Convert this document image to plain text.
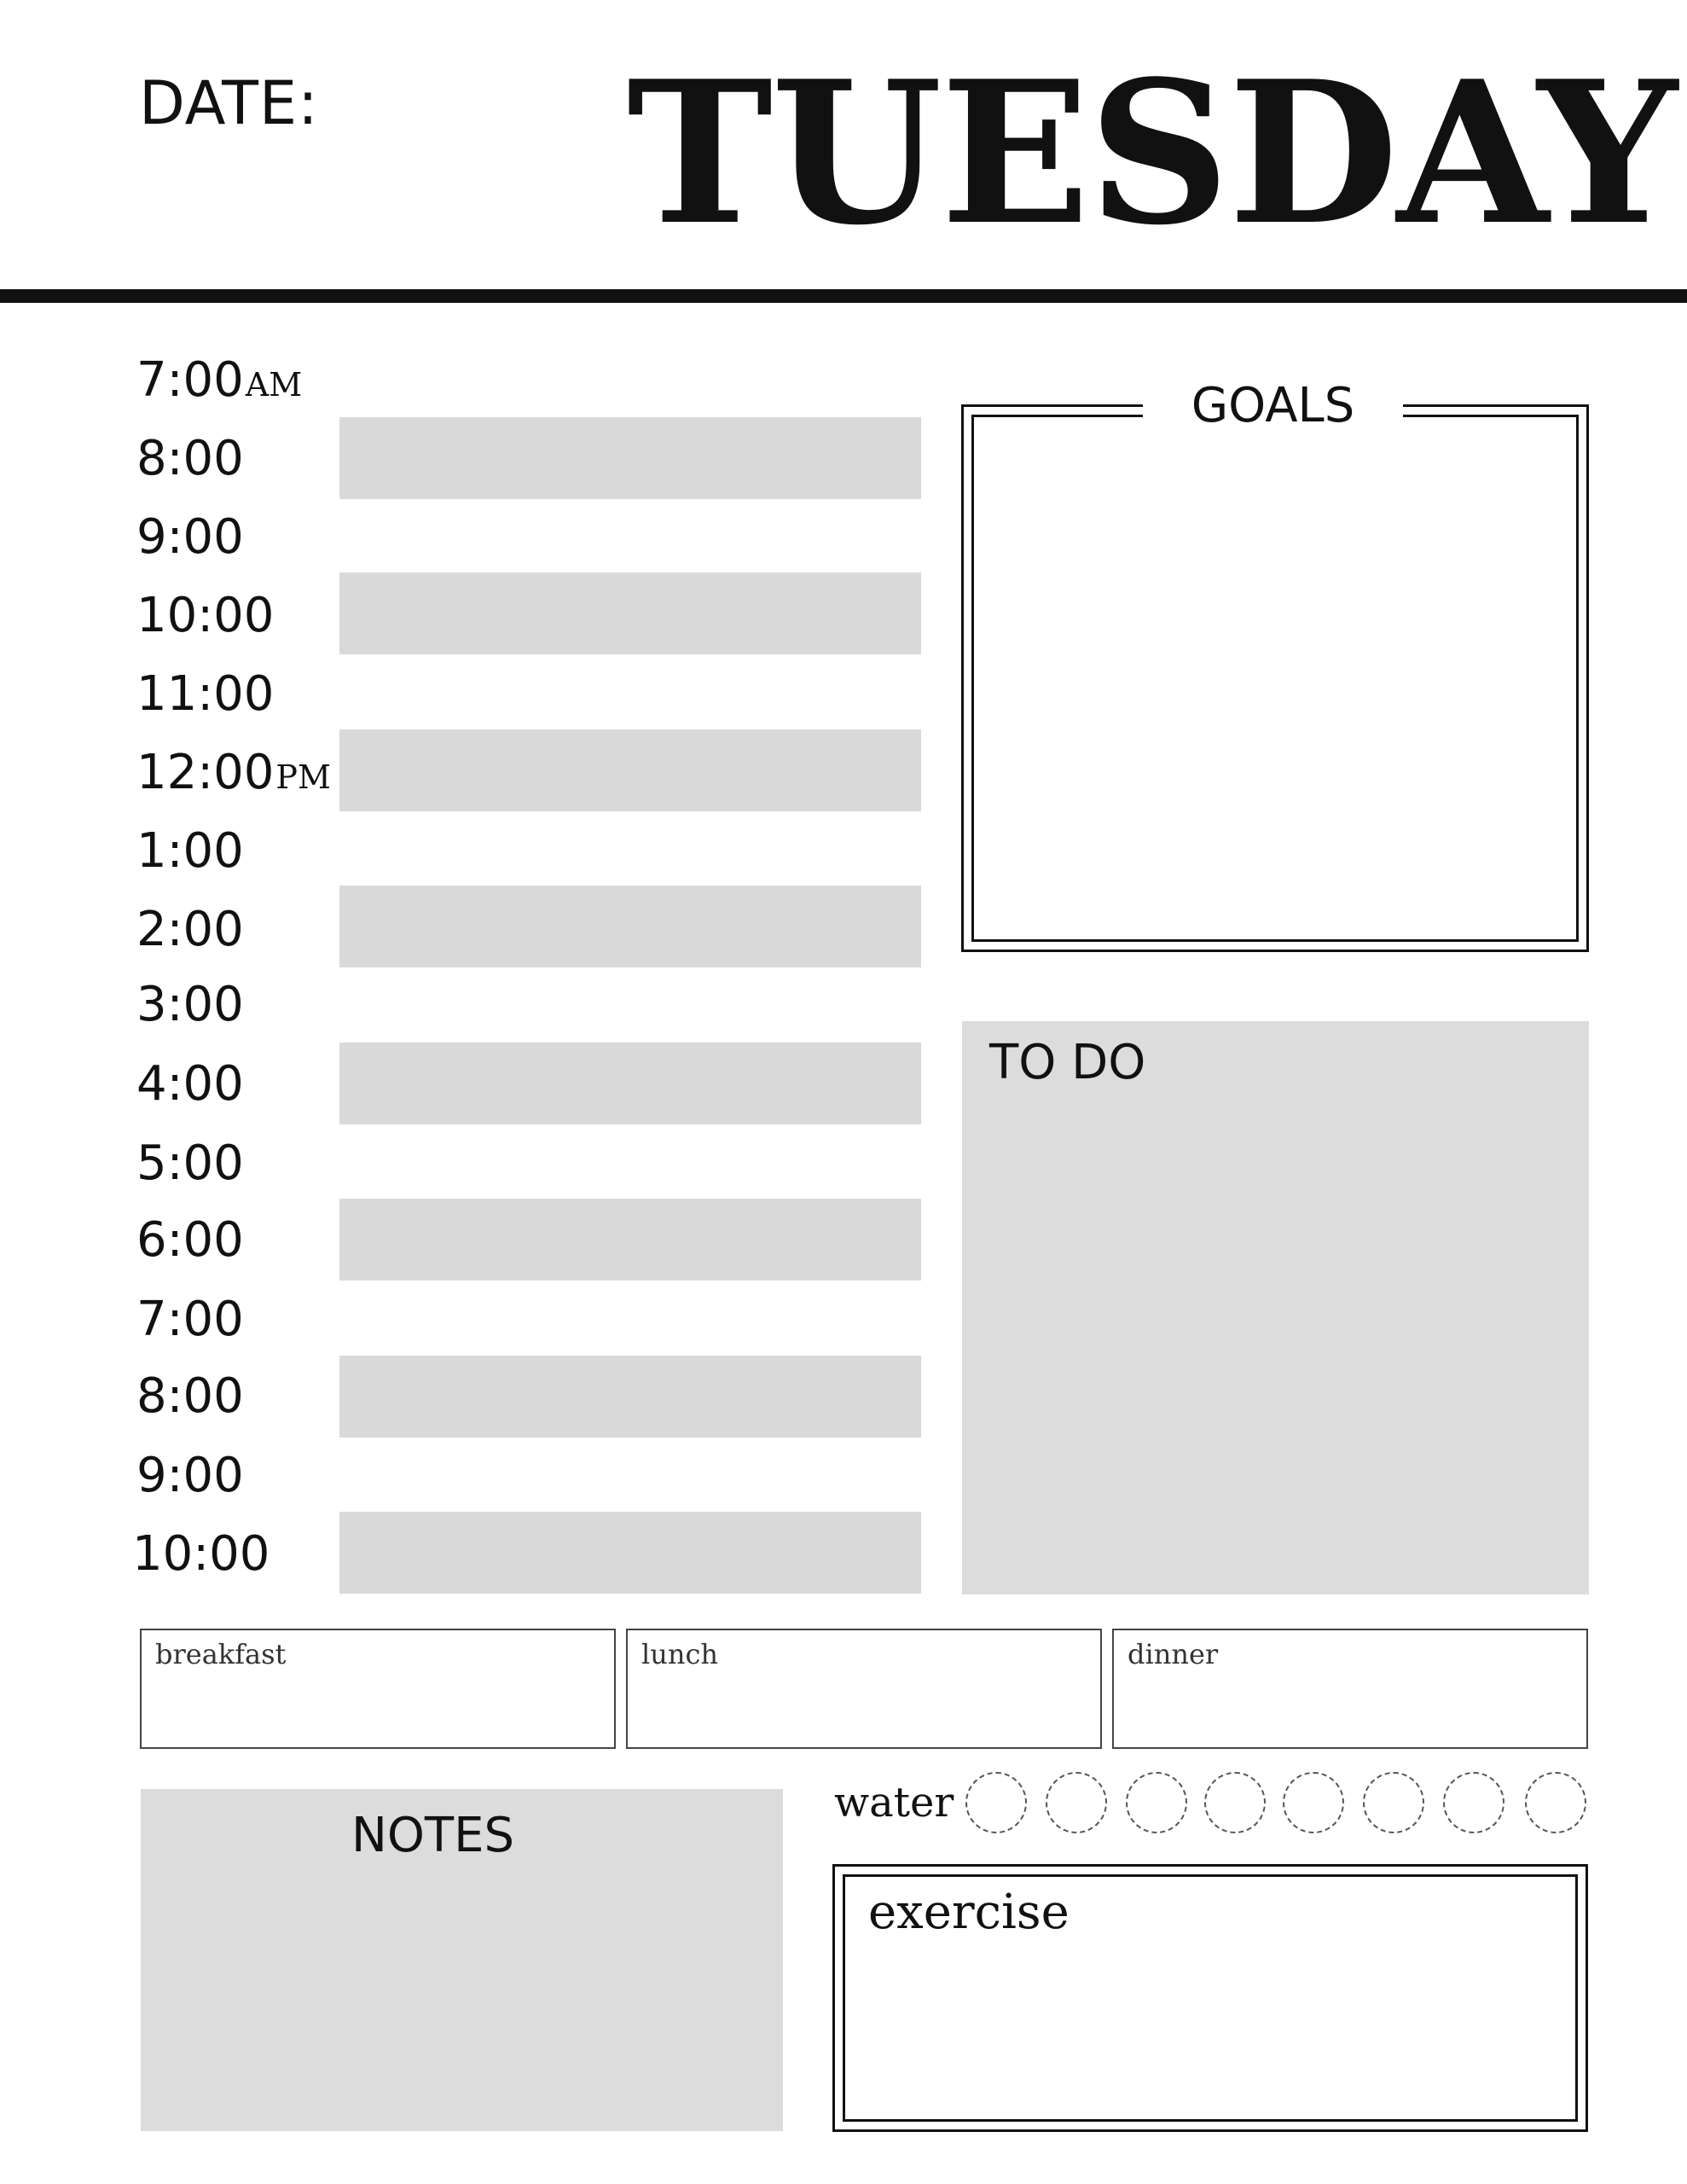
DATE: TUESDAY
7:00AM
8:00
9:00
10:00
11:00
12:00PM
1:00
2:00
3:00
4:00
5:00
6:00
7:00
8:00
9:00
10:00
GOALS
TO DO
breakfast	lunch	dinner
NOTES
water
exercise
